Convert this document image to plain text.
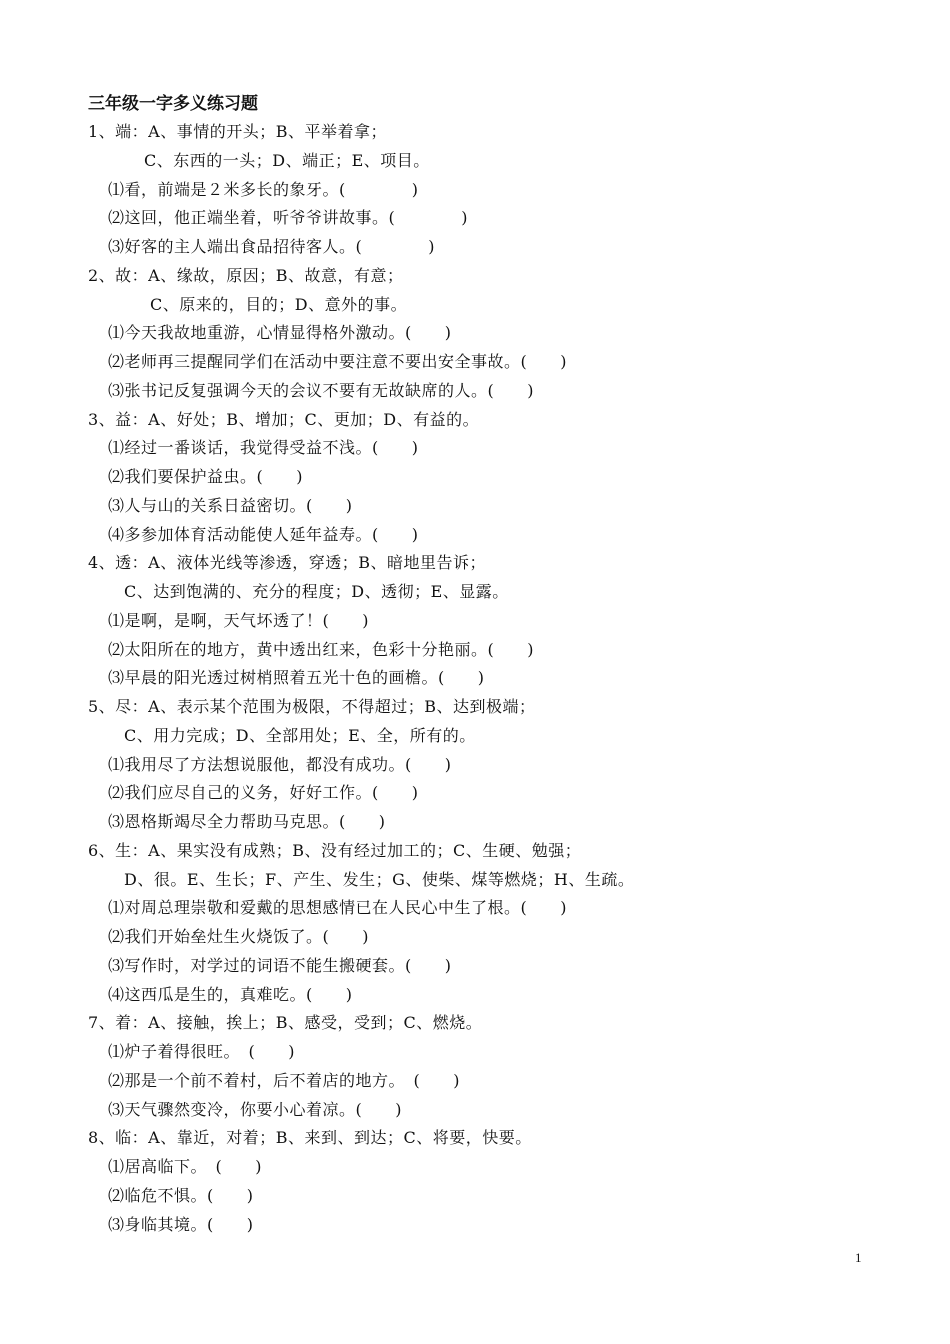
三年级一字多义练习题
1、端：A、事情的开头；B、平举着拿；
C、东西的一头；D、端正；E、项目。
⑴看，前端是２米多长的象牙。(　　　　)
⑵这回，他正端坐着，听爷爷讲故事。(　　　　)
⑶好客的主人端出食品招待客人。(　　　　)
2、故：A、缘故，原因；B、故意，有意；
C、原来的，目的；D、意外的事。
⑴今天我故地重游，心情显得格外激动。(　　)
⑵老师再三提醒同学们在活动中要注意不要出安全事故。(　　)
⑶张书记反复强调今天的会议不要有无故缺席的人。(　　)
3、益：A、好处；B、增加；C、更加；D、有益的。
⑴经过一番谈话，我觉得受益不浅。(　　)
⑵我们要保护益虫。(　　)
⑶人与山的关系日益密切。(　　)
⑷多参加体育活动能使人延年益寿。(　　)
4、透：A、液体光线等渗透，穿透；B、暗地里告诉；
C、达到饱满的、充分的程度；D、透彻；E、显露。
⑴是啊，是啊，天气坏透了！(　　)
⑵太阳所在的地方，黄中透出红来，色彩十分艳丽。(　　)
⑶早晨的阳光透过树梢照着五光十色的画檐。(　　)
5、尽：A、表示某个范围为极限，不得超过；B、达到极端；
C、用力完成；D、全部用处；E、全，所有的。
⑴我用尽了方法想说服他，都没有成功。(　　)
⑵我们应尽自己的义务，好好工作。(　　)
⑶恩格斯竭尽全力帮助马克思。(　　)
6、生：A、果实没有成熟；B、没有经过加工的；C、生硬、勉强；
D、很。E、生长；F、产生、发生；G、使柴、煤等燃烧；H、生疏。
⑴对周总理崇敬和爱戴的思想感情已在人民心中生了根。(　　)
⑵我们开始垒灶生火烧饭了。(　　)
⑶写作时，对学过的词语不能生搬硬套。(　　)
⑷这西瓜是生的，真难吃。(　　)
7、着：A、接触，挨上；B、感受，受到；C、燃烧。
⑴炉子着得很旺。　(　　)
⑵那是一个前不着村，后不着店的地方。　(　　)
⑶天气骤然变冷，你要小心着凉。(　　)
8、临：A、靠近，对着；B、来到、到达；C、将要，快要。
⑴居高临下。　(　　)
⑵临危不惧。(　　)
⑶身临其境。(　　)
1
